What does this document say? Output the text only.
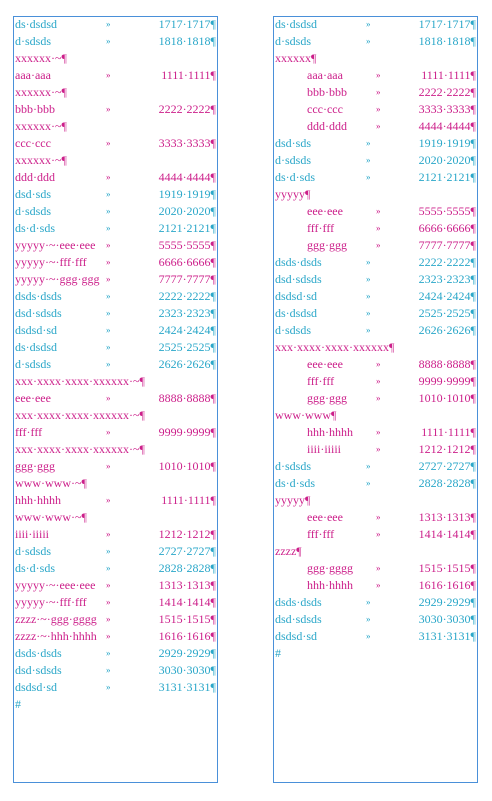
ds·dsdsd	»	1717·1717¶
d·sdsds	»	1818·1818¶
xxxxxx·~¶
aaa·aaa	»	1111·1111¶
xxxxxx·~¶
bbb·bbb	»	2222·2222¶
xxxxxx·~¶
ccc·ccc	»	3333·3333¶
xxxxxx·~¶
ddd·ddd	»	4444·4444¶
dsd·sds	»	1919·1919¶
d·sdsds	»	2020·2020¶
ds·d·sds	»	2121·2121¶
yyyyy·~·eee·eee »	5555·5555¶
yyyyy·~·fff·fff »	6666·6666¶
yyyyy·~·ggg·ggg »	7777·7777¶
dsds·dsds	»	2222·2222¶
dsd·sdsds	»	2323·2323¶
dsdsd·sd	»	2424·2424¶
ds·dsdsd	»	2525·2525¶
d·sdsds	»	2626·2626¶
xxx·xxxx·xxxx·xxxxxx·~¶
eee·eee	»	8888·8888¶
xxx·xxxx·xxxx·xxxxxx·~¶
fff·fff	»	9999·9999¶
xxx·xxxx·xxxx·xxxxxx·~¶
ggg·ggg	»	1010·1010¶
www·www·~¶
hhh·hhhh	»	1111·1111¶
www·www·~¶
iiii·iiiii	»	1212·1212¶
d·sdsds	»	2727·2727¶
ds·d·sds	»	2828·2828¶
yyyyy·~·eee·eee »	1313·1313¶
yyyyy·~·fff·fff »	1414·1414¶
zzzz·~·ggg·gggg »	1515·1515¶
zzzz·~·hhh·hhhh »	1616·1616¶
dsds·dsds	»	2929·2929¶
dsd·sdsds	»	3030·3030¶
dsdsd·sd	»	3131·3131¶
#
ds·dsdsd	»	1717·1717¶
d·sdsds	»	1818·1818¶
xxxxxx¶
aaa·aaa	»	1111·1111¶
bbb·bbb	»	2222·2222¶
ccc·ccc	»	3333·3333¶
ddd·ddd	»	4444·4444¶
dsd·sds	»	1919·1919¶
d·sdsds	»	2020·2020¶
ds·d·sds	»	2121·2121¶
yyyyy¶
eee·eee	»	5555·5555¶
fff·fff	»	6666·6666¶
ggg·ggg	»	7777·7777¶
dsds·dsds	»	2222·2222¶
dsd·sdsds	»	2323·2323¶
dsdsd·sd	»	2424·2424¶
ds·dsdsd	»	2525·2525¶
d·sdsds	»	2626·2626¶
xxx·xxxx·xxxx·xxxxxx¶
eee·eee	»	8888·8888¶
fff·fff	»	9999·9999¶
ggg·ggg	»	1010·1010¶
www·www¶
hhh·hhhh	»	1111·1111¶
iiii·iiiii	»	1212·1212¶
d·sdsds	»	2727·2727¶
ds·d·sds	»	2828·2828¶
yyyyy¶
eee·eee	»	1313·1313¶
fff·fff	»	1414·1414¶
zzzz¶
ggg·gggg	»	1515·1515¶
hhh·hhhh	»	1616·1616¶
dsds·dsds	»	2929·2929¶
dsd·sdsds	»	3030·3030¶
dsdsd·sd	»	3131·3131¶
#
